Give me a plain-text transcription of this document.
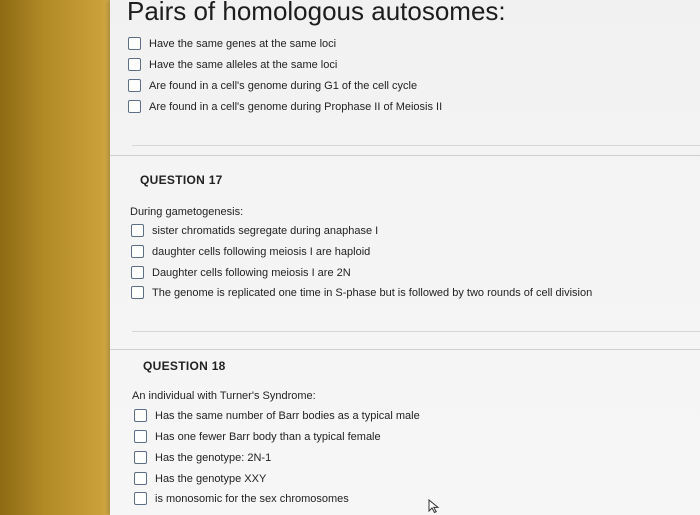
Pairs of homologous autosomes:
Have the same genes at the same loci
Have the same alleles at the same loci
Are found in a cell's genome during G1 of the cell cycle
Are found in a cell's genome during Prophase II of Meiosis II
QUESTION 17
During gametogenesis:
sister chromatids segregate during anaphase I
daughter cells following meiosis I are haploid
Daughter cells following meiosis I are 2N
The genome is replicated one time in S-phase but is followed by two rounds of cell division
QUESTION 18
An individual with Turner's Syndrome:
Has the same number of Barr bodies as a typical male
Has one fewer Barr body than a typical female
Has the genotype: 2N-1
Has the genotype XXY
is monosomic for the sex chromosomes
